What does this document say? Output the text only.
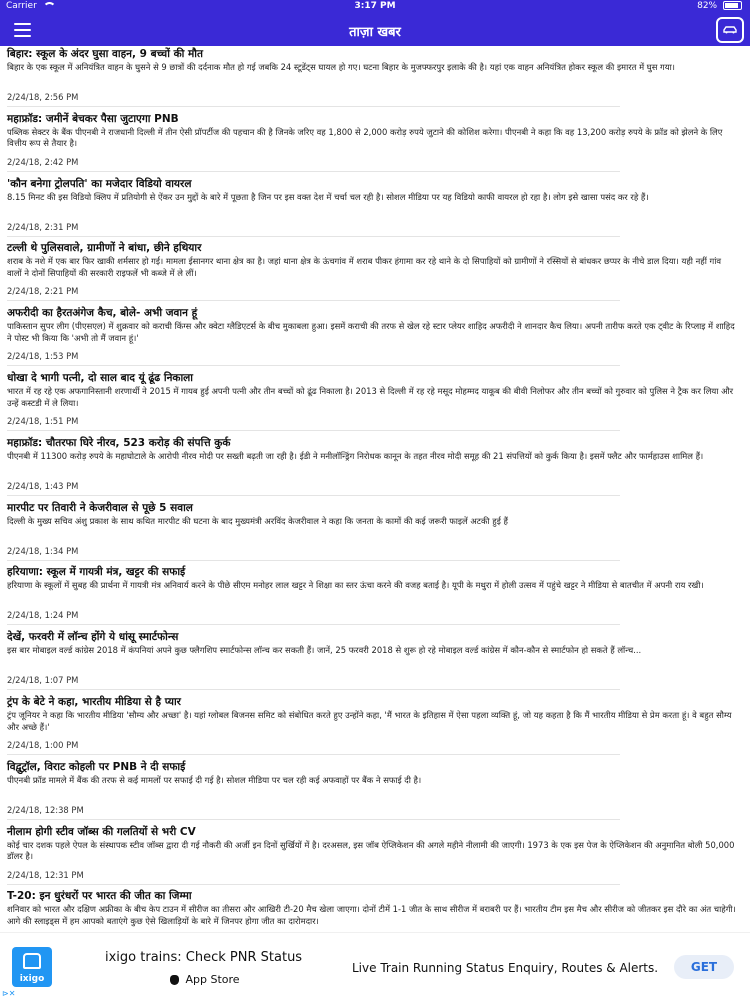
Carrier	3:17 PM	82%
ताज़ा खबर
बिहार: स्कूल के अंदर घुसा वाहन, 9 बच्चों की मौत
बिहार के एक स्कूल में अनियंत्रित वाहन के घुसने से 9 छात्रों की दर्दनाक मौत हो गई जबकि 24 स्टूडेंट्स घायल हो गए। घटना बिहार के मुजफ्फरपुर इलाके की है। यहां एक वाहन अनियंत्रित होकर स्कूल की इमारत में घुस गया।
2/24/18, 2:56 PM
महाफ्रॉड: जमीनें बेचकर पैसा जुटाएगा PNB
पब्लिक सेक्टर के बैंक पीएनबी ने राजधानी दिल्ली में तीन ऐसी प्रॉपर्टीज की पहचान की है जिनके जरिए वह 1,800 से 2,000 करोड़ रुपये जुटाने की कोशिश करेगा। पीएनबी ने कहा कि वह 13,200 करोड़ रुपये के फ्रॉड को झेलने के लिए वित्तीय रूप से तैयार है।
2/24/18, 2:42 PM
'कौन बनेगा ट्रोलपति' का मजेदार विडियो वायरल
8.15 मिनट की इस विडियो क्लिप में प्रतियोगी से ऐंकर उन मुद्दों के बारे में पूछता है जिन पर इस वक्त देश में चर्चा चल रही है। सोशल मीडिया पर यह विडियो काफी वायरल हो रहा है। लोग इसे खासा पसंद कर रहे हैं।
2/24/18, 2:31 PM
टल्ली थे पुलिसवाले, ग्रामीणों ने बांधा, छीने हथियार
शराब के नशे में एक बार फिर खाकी शर्मसार हो गई। मामला ईसानगर थाना क्षेत्र का है। जहां थाना क्षेत्र के ऊंचगांव में शराब पीकर हंगामा कर रहे थाने के दो सिपाहियों को ग्रामीणों ने रस्सियों से बांधकर छप्पर के नीचे डाल दिया। यही नहीं गांव वालों ने दोनों सिपाहियों की सरकारी राइफलें भी कब्जे में ले लीं।
2/24/18, 2:21 PM
अफरीदी का हैरतअंगेज कैच, बोले- अभी जवान हूं
पाकिस्तान सुपर लीग (पीएसएल) में शुक्रवार को कराची किंग्स और क्वेटा ग्लैडिएटर्स के बीच मुकाबला हुआ। इसमें कराची की तरफ से खेल रहे स्टार प्लेयर शाहिद अफरीदी ने शानदार कैच लिया। अपनी तारीफ करते एक ट्वीट के रिप्लाइ में शाहिद ने पोस्ट भी किया कि 'अभी तो मैं जवान हूं।'
2/24/18, 1:53 PM
धोखा दे भागी पत्नी, दो साल बाद यूं ढूंढ निकाला
भारत में रह रहे एक अफगानिस्तानी शरणार्थी ने 2015 में गायब हुई अपनी पत्नी और तीन बच्चों को ढूंढ निकाला है। 2013 से दिल्ली में रह रहे मसूद मोहम्मद याकूब की बीवी निलोफर और तीन बच्चों को गुरुवार को पुलिस ने ट्रैक कर लिया और उन्हें कस्टडी में ले लिया।
2/24/18, 1:51 PM
महाफ्रॉड: चौतरफा घिरे नीरव, 523 करोड़ की संपत्ति कुर्क
पीएनबी में 11300 करोड़ रुपये के महाघोटाले के आरोपी नीरव मोदी पर सख्ती बढ़ती जा रही है। ईडी ने मनीलॉन्ड्रिंग निरोधक कानून के तहत नीरव मोदी समूह की 21 संपत्तियों को कुर्क किया है। इसमें फ्लैट और फार्महाउस शामिल हैं।
2/24/18, 1:43 PM
मारपीट पर तिवारी ने केजरीवाल से पूछे 5 सवाल
दिल्ली के मुख्य सचिव अंशु प्रकाश के साथ कथित मारपीट की घटना के बाद मुख्यमंत्री अरविंद केजरीवाल ने कहा कि जनता के कामों की कई जरूरी फाइलें अटकी हुई हैं
2/24/18, 1:34 PM
हरियाणा: स्कूल में गायत्री मंत्र, खट्टर की सफाई
हरियाणा के स्कूलों में सुबह की प्रार्थना में गायत्री मंत्र अनिवार्य करने के पीछे सीएम मनोहर लाल खट्टर ने शिक्षा का स्तर ऊंचा करने की वजह बताई है। यूपी के मथुरा में होली उत्सव में पहुंचे खट्टर ने मीडिया से बातचीत में अपनी राय रखी।
2/24/18, 1:24 PM
देखें, फरवरी में लॉन्च होंगे ये धांसू स्मार्टफोन्स
इस बार मोबाइल वर्ल्ड कांग्रेस 2018 में कंपनियां अपने कुछ फ्लैगशिप स्मार्टफोन्स लॉन्च कर सकती हैं। जानें, 25 फरवरी 2018 से शुरू हो रहे मोबाइल वर्ल्ड कांग्रेस में कौन-कौन से स्मार्टफोन हो सकते हैं लॉन्च...
2/24/18, 1:07 PM
ट्रंप के बेटे ने कहा, भारतीय मीडिया से है प्यार
ट्रंप जूनियर ने कहा कि भारतीय मीडिया 'सौम्य और अच्छा' है। यहां ग्लोबल बिजनस समिट को संबोधित करते हुए उन्होंने कहा, 'मैं भारत के इतिहास में ऐसा पहला व्यक्ति हूं, जो यह कहता है कि मैं भारतीय मीडिया से प्रेम करता हूं। वे बहुत सौम्य और अच्छे हैं।'
2/24/18, 1:00 PM
विद्वुट्रॉल, विराट कोहली पर PNB ने दी सफाई
पीएनबी फ्रॉड मामले में बैंक की तरफ से कई मामलों पर सफाई दी गई है। सोशल मीडिया पर चल रही कई अफवाहों पर बैंक ने सफाई दी है।
2/24/18, 12:38 PM
नीलाम होगी स्टीव जॉब्स की गलतियों से भरी CV
कोई चार दशक पहले ऐपल के संस्थापक स्टीव जॉब्स द्वारा दी गई नौकरी की अर्जी इन दिनों सुर्खियों में है। दरअसल, इस जॉब ऐप्लिकेशन की अगले महीने नीलामी की जाएगी। 1973 के एक इस पेज के ऐप्लिकेशन की अनुमानित बोली 50,000 डॉलर है।
2/24/18, 12:31 PM
T-20: इन धुरंधरों पर भारत की जीत का जिम्मा
शनिवार को भारत और दक्षिण अफ्रीका के बीच केप टाउन में सीरीज का तीसरा और आखिरी टी-20 मैच खेला जाएगा। दोनों टीमें 1-1 जीत के साथ सीरीज में बराबरी पर हैं। भारतीय टीम इस मैच और सीरीज को जीतकर इस दौरे का अंत चाहेगी। आगे की स्लाइड्स में हम आपको बताएंगे कुछ ऐसे खिलाड़ियों के बारे में जिनपर होगा जीत का दारोमदार।
ixigo
ixigo trains: Check PNR Status
App Store
Live Train Running Status Enquiry, Routes & Alerts.	GET
⊳✕
